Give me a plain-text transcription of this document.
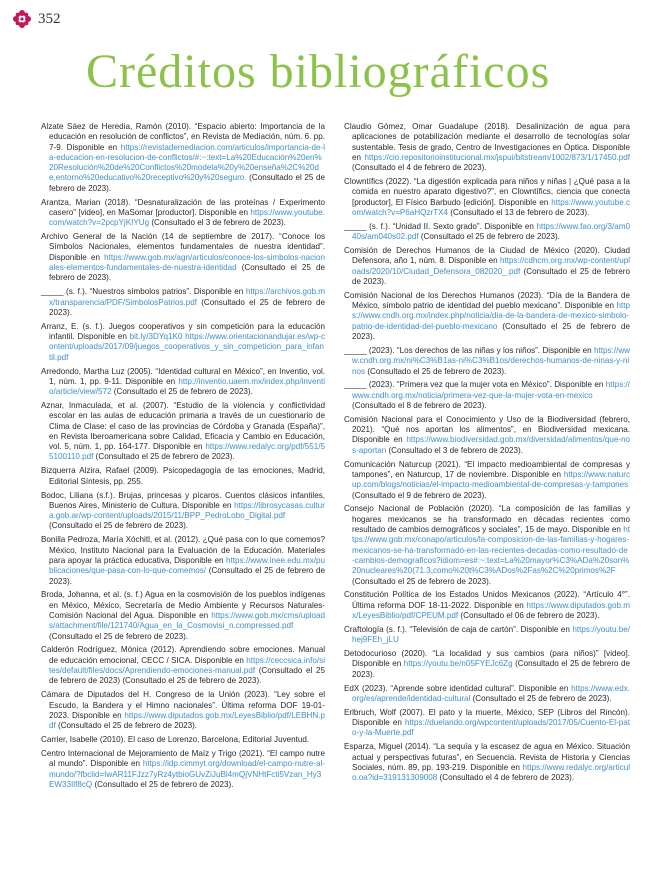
352
Créditos bibliográficos

Alzate Sáez de Heredia, Ramón (2010). “Espacio abierto: Importancia de la educación en resolución de conflictos”, en Revista de Mediación, núm. 6. pp. 7-9. Disponible en https://revistademediacion.com/articulos/importancia-de-la-educacion-en-resolucion-de-conflictos/#:~:text=La%20Educación%20en%20Resolución%20de%20Conflictos%20modela%20y%20enseña%2C%20de,entorno%20educativo%20receptivo%20y%20seguro. (Consultado el 25 de febrero de 2023).

Arantza, Marian (2018). “Desnaturalización de las proteínas / Experimento casero” [video], en MaSomar [productor]. Disponible en https://www.youtube.com/watch?v=2pcpYjKIYUg (Consultado el 3 de febrero de 2023).

Archivo General de la Nación (14 de septiembre de 2017). “Conoce los Símbolos Nacionales, elementos fundamentales de nuestra identidad”. Disponible en https://www.gob.mx/agn/articulos/conoce-los-simbolos-nacionales-elementos-fundamentales-de-nuestra-identidad (Consultado el 25 de febrero de 2023).

_____ (s. f.). “Nuestros símbolos patrios”. Disponible en https://archivos.gob.mx/transparencia/PDF/SimbolosPatrios.pdf (Consultado el 25 de febrero de 2023).

Arranz, E. (s. f.). Juegos cooperativos y sin competición para la educación infantil. Disponible en bit.ly/3DYq1K0 https://www.orientacionandujar.es/wp-content/uploads/2017/09/juegos_cooperativos_y_sin_competicion_para_infantil.pdf

Arredondo, Martha Luz (2005). “Identidad cultural en México”, en Inventio, vol. 1, núm. 1, pp. 9-11. Disponible en http://inventio.uaem.mx/index.php/inventio/article/view/572 (Consultado el 25 de febrero de 2023).

Aznar, Inmaculada, et al. (2007). “Estudio de la violencia y conflictividad escolar en las aulas de educación primaria a través de un cuestionario de Clima de Clase: el caso de las provincias de Córdoba y Granada (España)”, en Revista Iberoamericana sobre Calidad, Eficacia y Cambio en Educación, vol. 5, núm. 1, pp. 164-177. Disponible en https://www.redalyc.org/pdf/551/55100110.pdf (Consultado el 25 de febrero de 2023).

Bizquerra Alzira, Rafael (2009). Psicopedagogía de las emociones, Madrid, Editorial Síntesis, pp. 255.

Bodoc, Liliana (s.f.). Brujas, princesas y pícaros. Cuentos clásicos infantiles, Buenos Aires, Ministerio de Cultura. Disponible en https://librosycasas.cultura.gob.ar/wp-content/uploads/2015/11/BPP_PedroLobo_Digital.pdf (Consultado el 25 de febrero de 2023).

Bonilla Pedroza, María Xóchitl, et al. (2012). ¿Qué pasa con lo que comemos? México, Instituto Nacional para la Evaluación de la Educación. Materiales para apoyar la práctica educativa, Disponible en https://www.inee.edu.mx/publicaciones/que-pasa-con-lo-que-comemos/ (Consultado el 25 de febrero de 2023).

Broda, Johanna, et al. (s. f.) Agua en la cosmovisión de los pueblos indígenas en México, México, Secretaría de Medio Ambiente y Recursos Naturales-Comisión Nacional del Agua. Disponible en https://www.gob.mx/cms/uploads/attachment/file/121740/Agua_en_la_Cosmovisi_n.compressed.pdf (Consultado el 25 de febrero de 2023).

Calderón Rodríguez, Mónica (2012). Aprendiendo sobre emociones. Manual de educación emocional, CECC / SICA. Disponible en https://ceccsica.info/sites/default/files/docs/Aprendiendo-emociones-manual.pdf (Consultado el 25 de febrero de 2023) (Consultado el 25 de febrero de 2023).

Cámara de Diputados del H. Congreso de la Unión (2023). “Ley sobre el Escudo, la Bandera y el Himno nacionales”. Última reforma DOF 19-01-2023. Disponible en https://www.diputados.gob.mx/LeyesBiblio/pdf/LEBHN.pdf (Consultado el 25 de febrero de 2023).

Carrier, Isabelle (2010). El caso de Lorenzo, Barcelona, Editorial Juventud.

Centro Internacional de Mejoramiento de Maíz y Trigo (2021). “El campo nutre al mundo”. Disponible en https://idp.cimmyt.org/download/el-campo-nutre-al-mundo/?fbclid=IwAR11FJzz7yRz4ytbioGUvZiJuBl4mQjVNHtFcti5Vzan_Hy3EW33Ilf8cQ (Consultado el 25 de febrero de 2023).

Claudio Gómez, Omar Guadalupe (2018). Desalinización de agua para aplicaciones de potabilización mediante el desarrollo de tecnologías solar sustentable. Tesis de grado, Centro de Investigaciones en Óptica. Disponible en https://cio.repositorioinstitucional.mx/jspui/bitstream/1002/873/1/17450.pdf (Consultado el 4 de febrero de 2023).

Clowntífics (2022). “La digestión explicada para niños y niñas | ¿Qué pasa a la comida en nuestro aparato digestivo?”, en Clowntífics, ciencia que conecta [productor], El Físico Barbudo [edición]. Disponible en https://www.youtube.com/watch?v=P6aHQzrTX4 (Consultado el 13 de febrero de 2023).

_____ (s. f.). “Unidad II. Sexto grado”. Disponible en https://www.fao.org/3/am040s/am040s02.pdf (Consultado el 25 de febrero de 2023).

Comisión de Derechos Humanos de la Ciudad de México (2020). Ciudad Defensora, año 1, núm. 8. Disponible en https://cdhcm.org.mx/wp-content/uploads/2020/10/Ciudad_Defensora_082020_.pdf (Consultado el 25 de febrero de 2023).

Comisión Nacional de los Derechos Humanos (2023). “Día de la Bandera de México, símbolo patrio de identidad del pueblo mexicano”. Disponible en https://www.cndh.org.mx/index.php/noticia/dia-de-la-bandera-de-mexico-simbolo-patrio-de-identidad-del-pueblo-mexicano (Consultado el 25 de febrero de 2023).

_____ (2023). “Los derechos de las niñas y los niños”. Disponible en https://www.cndh.org.mx/ni%C3%B1as-ni%C3%B1os/derechos-humanos-de-ninas-y-ninos (Consultado el 25 de febrero de 2023).

_____ (2023). “Primera vez que la mujer vota en México”. Disponible en https://www.cndh.org.mx/noticia/primera-vez-que-la-mujer-vota-en-mexico (Consultado el 8 de febrero de 2023).

Comisión Nacional para el Conocimiento y Uso de la Biodiversidad (febrero, 2021). “Qué nos aportan los alimentos”, en Biodiversidad mexicana. Disponible en https://www.biodiversidad.gob.mx/diversidad/alimentos/que-nos-aportan (Consultado el 3 de febrero de 2023).

Comunicación Naturcup (2021). “El impacto medioambiental de compresas y tampones”, en Naturcup, 17 de noviembre. Disponible en https://www.naturcup.com/blogs/noticias/el-impacto-medioambiental-de-compresas-y-tampones (Consultado el 9 de febrero de 2023).

Consejo Nacional de Población (2020). “La composición de las familias y hogares mexicanos se ha transformado en décadas recientes como resultado de cambios demográficos y sociales”, 15 de mayo. Disponible en https://www.gob.mx/conapo/articulos/la-composicion-de-las-familias-y-hogares-mexicanos-se-ha-transformado-en-las-recientes-decadas-como-resultado-de-cambios-demograficos?idiom=es#:~:text=La%20mayor%C3%ADa%20son%20nucleares%20(71.3,como%20t%C3%ADos%2Fas%2C%20primos%2F (Consultado el 25 de febrero de 2023).

Constitución Política de los Estados Unidos Mexicanos (2022). “Artículo 4°”. Última reforma DOF 18-11-2022. Disponible en https://www.diputados.gob.mx/LeyesBiblio/pdf/CPEUM.pdf (Consultado el 06 de febrero de 2023).

Craftología (s. f.). “Televisión de caja de cartón”. Disponible en https://youtu.be/hej9FEh_jLU

Detodocurioso (2020). “La localidad y sus cambios (para niños)” [video]. Disponible en https://youtu.be/n05FYEJc6Zg (Consultado el 25 de febrero de 2023).

EdX (2023). “Aprende sobre identidad cultural”. Disponible en https://www.edx.org/es/aprende/identidad-cultural (Consultado el 25 de febrero de 2023).

Erlbruch, Wolf (2007). El pato y la muerte, México, SEP (Libros del Rincón). Disponible en https://duelando.org/wpcontent/uploads/2017/05/Cuento-El-pato-y-la-Muerte.pdf

Esparza, Miguel (2014). “La sequía y la escasez de agua en México. Situación actual y perspectivas futuras”, en Secuencia. Revista de Historia y Ciencias Sociales, núm. 89, pp. 193-219. Disponible en https://www.redalyc.org/articulo.oa?id=319131309008 (Consultado el 4 de febrero de 2023).
